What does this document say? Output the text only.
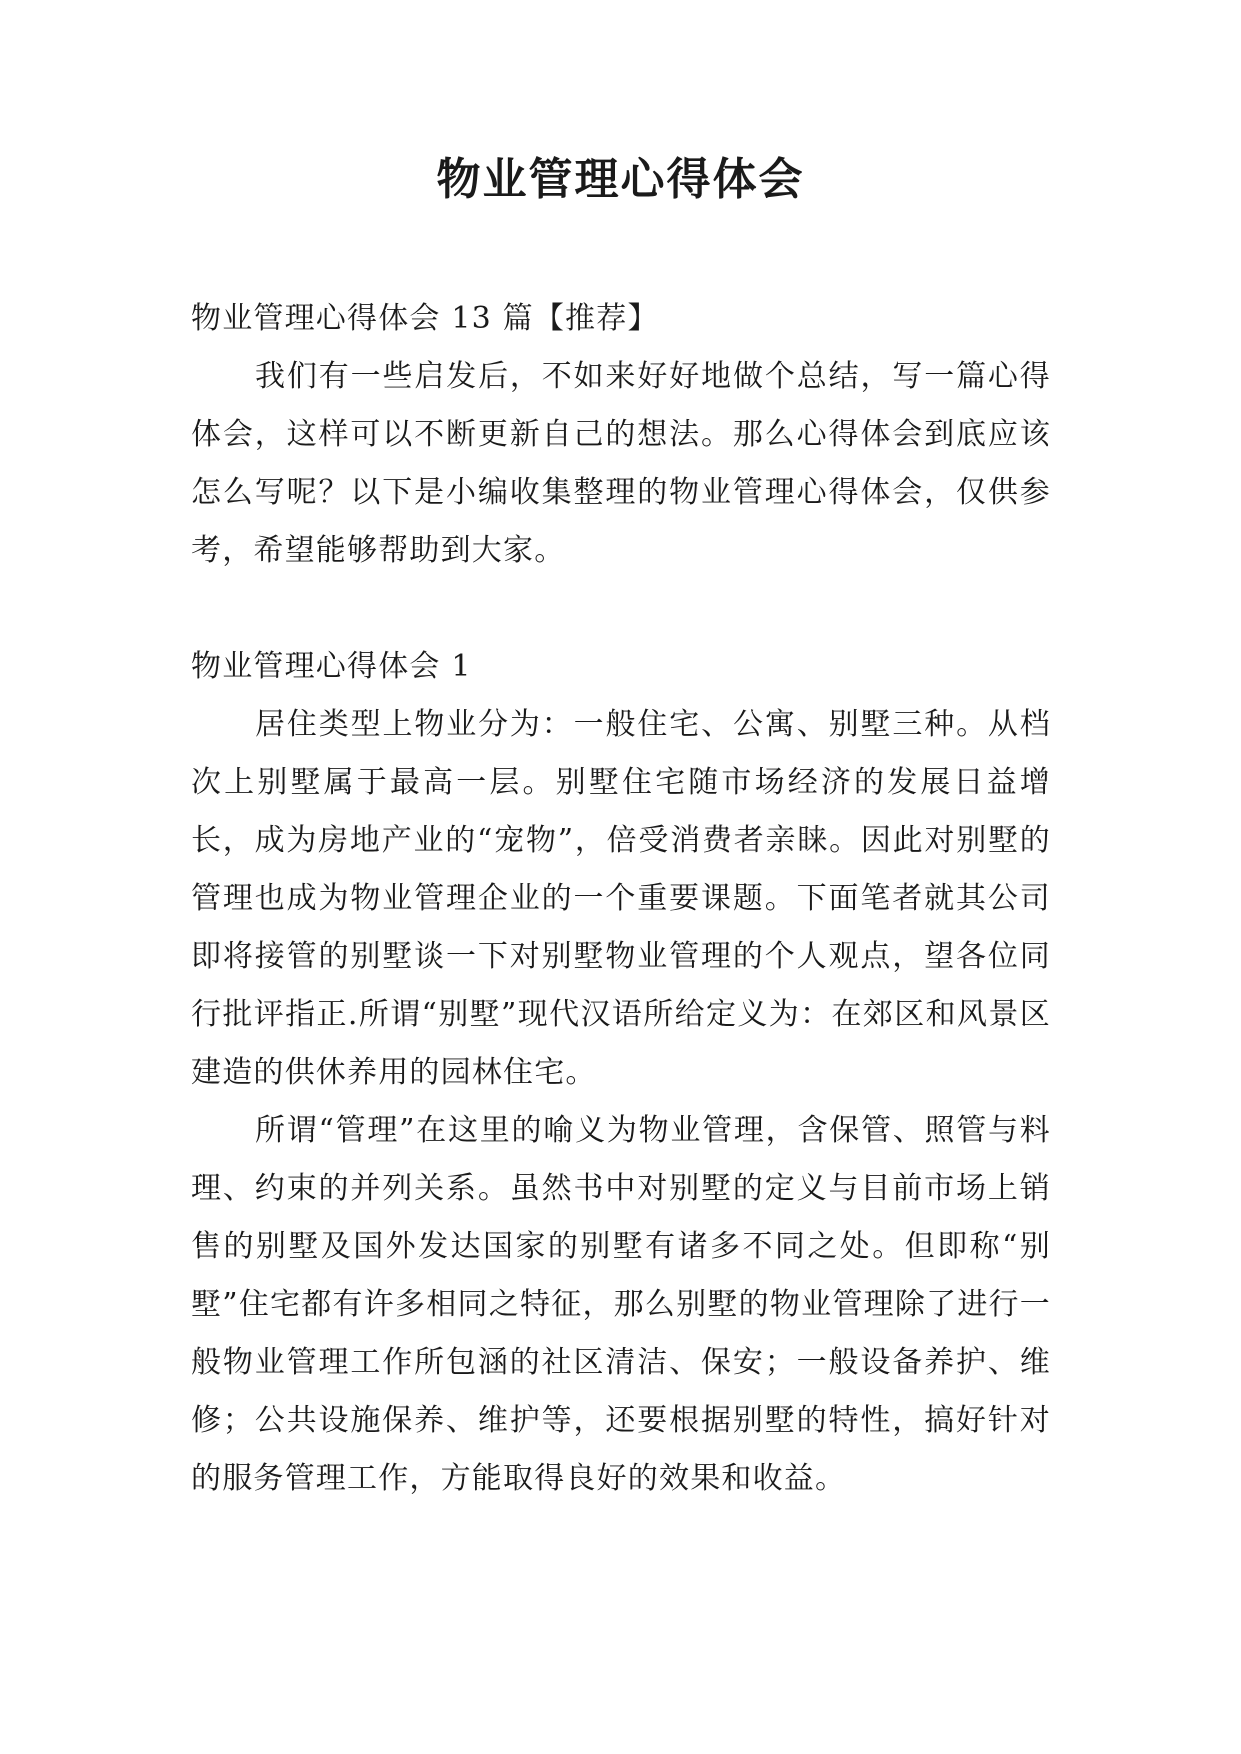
物业管理心得体会

物业管理心得体会 13 篇【推荐】

我们有一些启发后，不如来好好地做个总结，写一篇心得体会，这样可以不断更新自己的想法。那么心得体会到底应该怎么写呢？以下是小编收集整理的物业管理心得体会，仅供参考，希望能够帮助到大家。

物业管理心得体会 1

居住类型上物业分为：一般住宅、公寓、别墅三种。从档次上别墅属于最高一层。别墅住宅随市场经济的发展日益增长，成为房地产业的“宠物”，倍受消费者亲睐。因此对别墅的管理也成为物业管理企业的一个重要课题。下面笔者就其公司即将接管的别墅谈一下对别墅物业管理的个人观点，望各位同行批评指正.所谓“别墅”现代汉语所给定义为：在郊区和风景区建造的供休养用的园林住宅。

所谓“管理”在这里的喻义为物业管理，含保管、照管与料理、约束的并列关系。虽然书中对别墅的定义与目前市场上销售的别墅及国外发达国家的别墅有诸多不同之处。但即称“别墅”住宅都有许多相同之特征，那么别墅的物业管理除了进行一般物业管理工作所包涵的社区清洁、保安；一般设备养护、维修；公共设施保养、维护等，还要根据别墅的特性，搞好针对的服务管理工作，方能取得良好的效果和收益。
